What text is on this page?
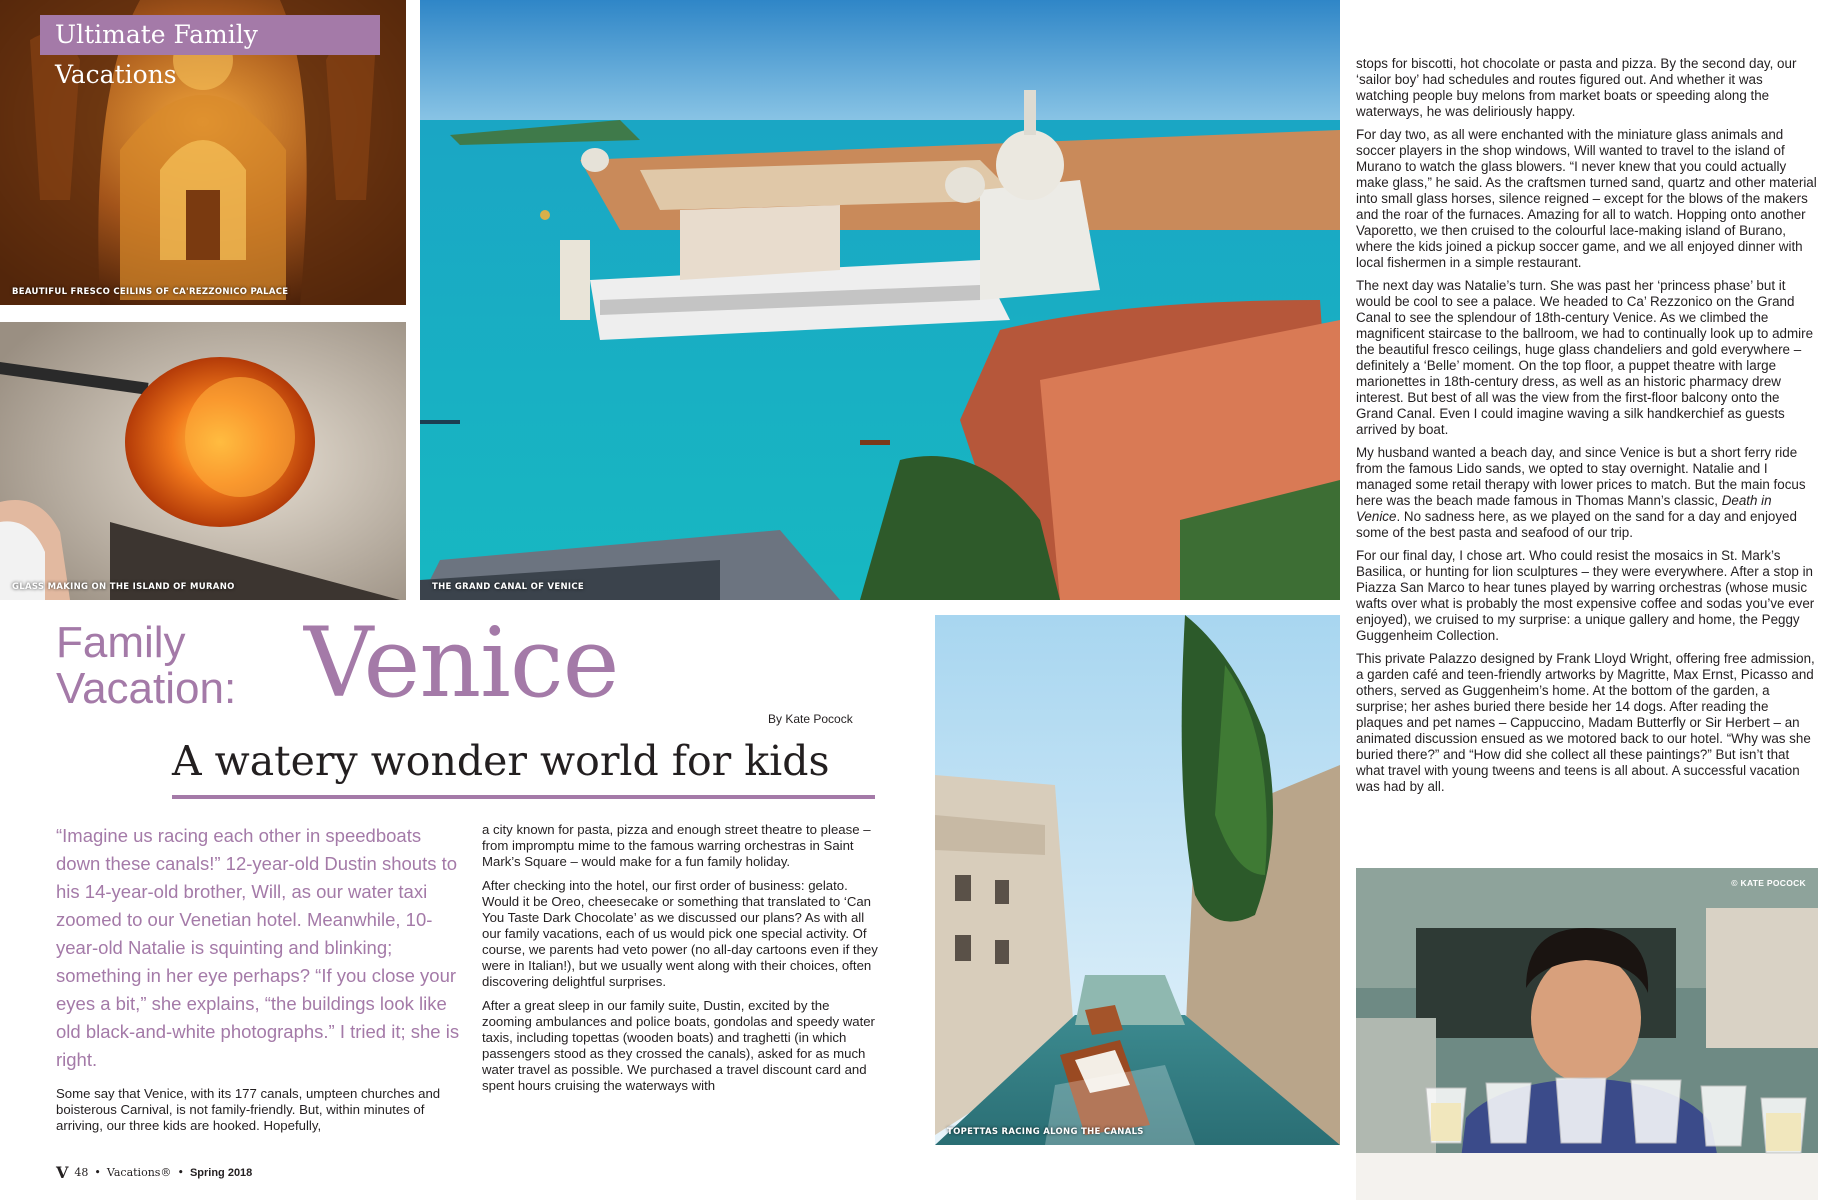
BEAUTIFUL FRESCO CEILINS OF CA'REZZONICO PALACE
Ultimate Family Vacations
GLASS MAKING ON THE ISLAND OF MURANO	THE GRAND CANAL OF VENICE
TOPETTAS RACING ALONG THE CANALS
© KATE POCOCK
Family
Vacation: Venice	By Kate Pocock
A watery wonder world for kids
“Imagine us racing each other in speedboats down these canals!” 12-year-old Dustin shouts to his 14-year-old brother, Will, as our water taxi zoomed to our Venetian hotel. Meanwhile, 10-year-old Natalie is squinting and blinking; something in her eye perhaps? “If you close your eyes a bit,” she explains, “the buildings look like old black-and-white photographs.” I tried it; she is right.

Some say that Venice, with its 177 canals, umpteen churches and boisterous Carnival, is not family-friendly. But, within minutes of arriving, our three kids are hooked. Hopefully,

a city known for pasta, pizza and enough street theatre to please – from impromptu mime to the famous warring orchestras in Saint Mark’s Square – would make for a fun family holiday.

After checking into the hotel, our first order of business: gelato. Would it be Oreo, cheesecake or something that translated to ‘Can You Taste Dark Chocolate’ as we discussed our plans? As with all our family vacations, each of us would pick one special activity. Of course, we parents had veto power (no all-day cartoons even if they were in Italian!), but we usually went along with their choices, often discovering delightful surprises.

After a great sleep in our family suite, Dustin, excited by the zooming ambulances and police boats, gondolas and speedy water taxis, including topettas (wooden boats) and traghetti (in which passengers stood as they crossed the canals), asked for as much water travel as possible. We purchased a travel discount card and spent hours cruising the waterways with

stops for biscotti, hot chocolate or pasta and pizza. By the second day, our ‘sailor boy’ had schedules and routes figured out. And whether it was watching people buy melons from market boats or speeding along the waterways, he was deliriously happy.

For day two, as all were enchanted with the miniature glass animals and soccer players in the shop windows, Will wanted to travel to the island of Murano to watch the glass blowers. “I never knew that you could actually make glass,” he said. As the craftsmen turned sand, quartz and other material into small glass horses, silence reigned – except for the blows of the makers and the roar of the furnaces. Amazing for all to watch. Hopping onto another Vaporetto, we then cruised to the colourful lace-making island of Burano, where the kids joined a pickup soccer game, and we all enjoyed dinner with local fishermen in a simple restaurant.

The next day was Natalie’s turn. She was past her ‘princess phase’ but it would be cool to see a palace. We headed to Ca’ Rezzonico on the Grand Canal to see the splendour of 18th-century Venice. As we climbed the magnificent staircase to the ballroom, we had to continually look up to admire the beautiful fresco ceilings, huge glass chandeliers and gold everywhere – definitely a ‘Belle’ moment. On the top floor, a puppet theatre with large marionettes in 18th-century dress, as well as an historic pharmacy drew interest. But best of all was the view from the first-floor balcony onto the Grand Canal. Even I could imagine waving a silk handkerchief as guests arrived by boat.

My husband wanted a beach day, and since Venice is but a short ferry ride from the famous Lido sands, we opted to stay overnight. Natalie and I managed some retail therapy with lower prices to match. But the main focus here was the beach made famous in Thomas Mann’s classic, Death in Venice. No sadness here, as we played on the sand for a day and enjoyed some of the best pasta and seafood of our trip.

For our final day, I chose art. Who could resist the mosaics in St. Mark’s Basilica, or hunting for lion sculptures – they were everywhere. After a stop in Piazza San Marco to hear tunes played by warring orchestras (whose music wafts over what is probably the most expensive coffee and sodas you’ve ever enjoyed), we cruised to my surprise: a unique gallery and home, the Peggy Guggenheim Collection.

This private Palazzo designed by Frank Lloyd Wright, offering free admission, a garden café and teen-friendly artworks by Magritte, Max Ernst, Picasso and others, served as Guggenheim’s home. At the bottom of the garden, a surprise; her ashes buried there beside her 14 dogs. After reading the plaques and pet names – Cappuccino, Madam Butterfly or Sir Herbert – an animated discussion ensued as we motored back to our hotel. “Why was she buried there?” and “How did she collect all these paintings?” But isn’t that what travel with young tweens and teens is all about. A successful vacation was had by all.

V 48 • Vacations® • Spring 2018
